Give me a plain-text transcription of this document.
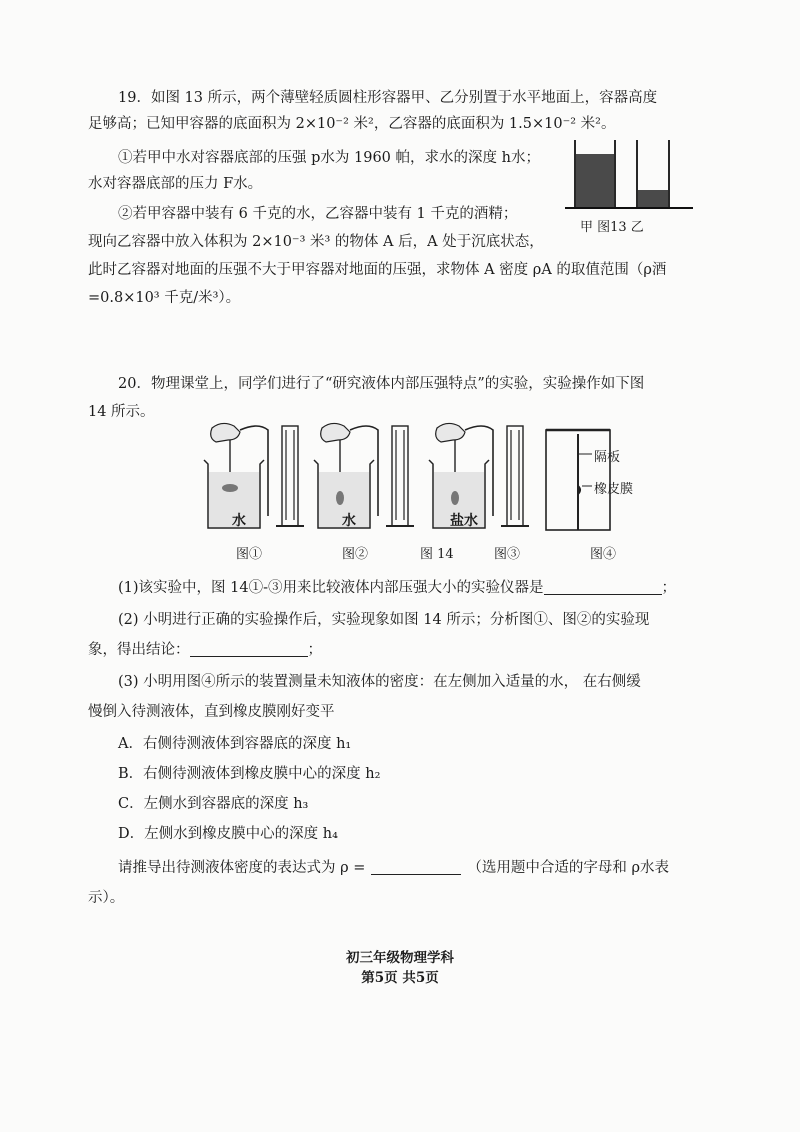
19．如图 13 所示，两个薄壁轻质圆柱形容器甲、乙分别置于水平地面上，容器高度
足够高；已知甲容器的底面积为 2×10⁻² 米²，乙容器的底面积为 1.5×10⁻² 米²。
①若甲中水对容器底部的压强 p水为 1960 帕，求水的深度 h水；
水对容器底部的压力 F水。
②若甲容器中装有 6 千克的水，乙容器中装有 1 千克的酒精；
现向乙容器中放入体积为 2×10⁻³ 米³ 的物体 A 后，A 处于沉底状态，
此时乙容器对地面的压强不大于甲容器对地面的压强，求物体 A 密度 ρA 的取值范围（ρ酒
=0.8×10³ 千克/米³）。
甲 图13 乙
20．物理课堂上，同学们进行了“研究液体内部压强特点”的实验，实验操作如下图
14 所示。
水	水	盐水
隔板
橡皮膜
图①	图②	图 14	图③	图④
(1)该实验中，图 14①-③用来比较液体内部压强大小的实验仪器是	；
(2) 小明进行正确的实验操作后，实验现象如图 14 所示；分析图①、图②的实验现
象，得出结论：	；
(3) 小明用图④所示的装置测量未知液体的密度：在左侧加入适量的水， 在右侧缓
慢倒入待测液体，直到橡皮膜刚好变平
A．右侧待测液体到容器底的深度 h₁
B．右侧待测液体到橡皮膜中心的深度 h₂
C．左侧水到容器底的深度 h₃
D．左侧水到橡皮膜中心的深度 h₄
请推导出待测液体密度的表达式为 ρ =	（选用题中合适的字母和 ρ水表
示）。
初三年级物理学科
第5页 共5页
